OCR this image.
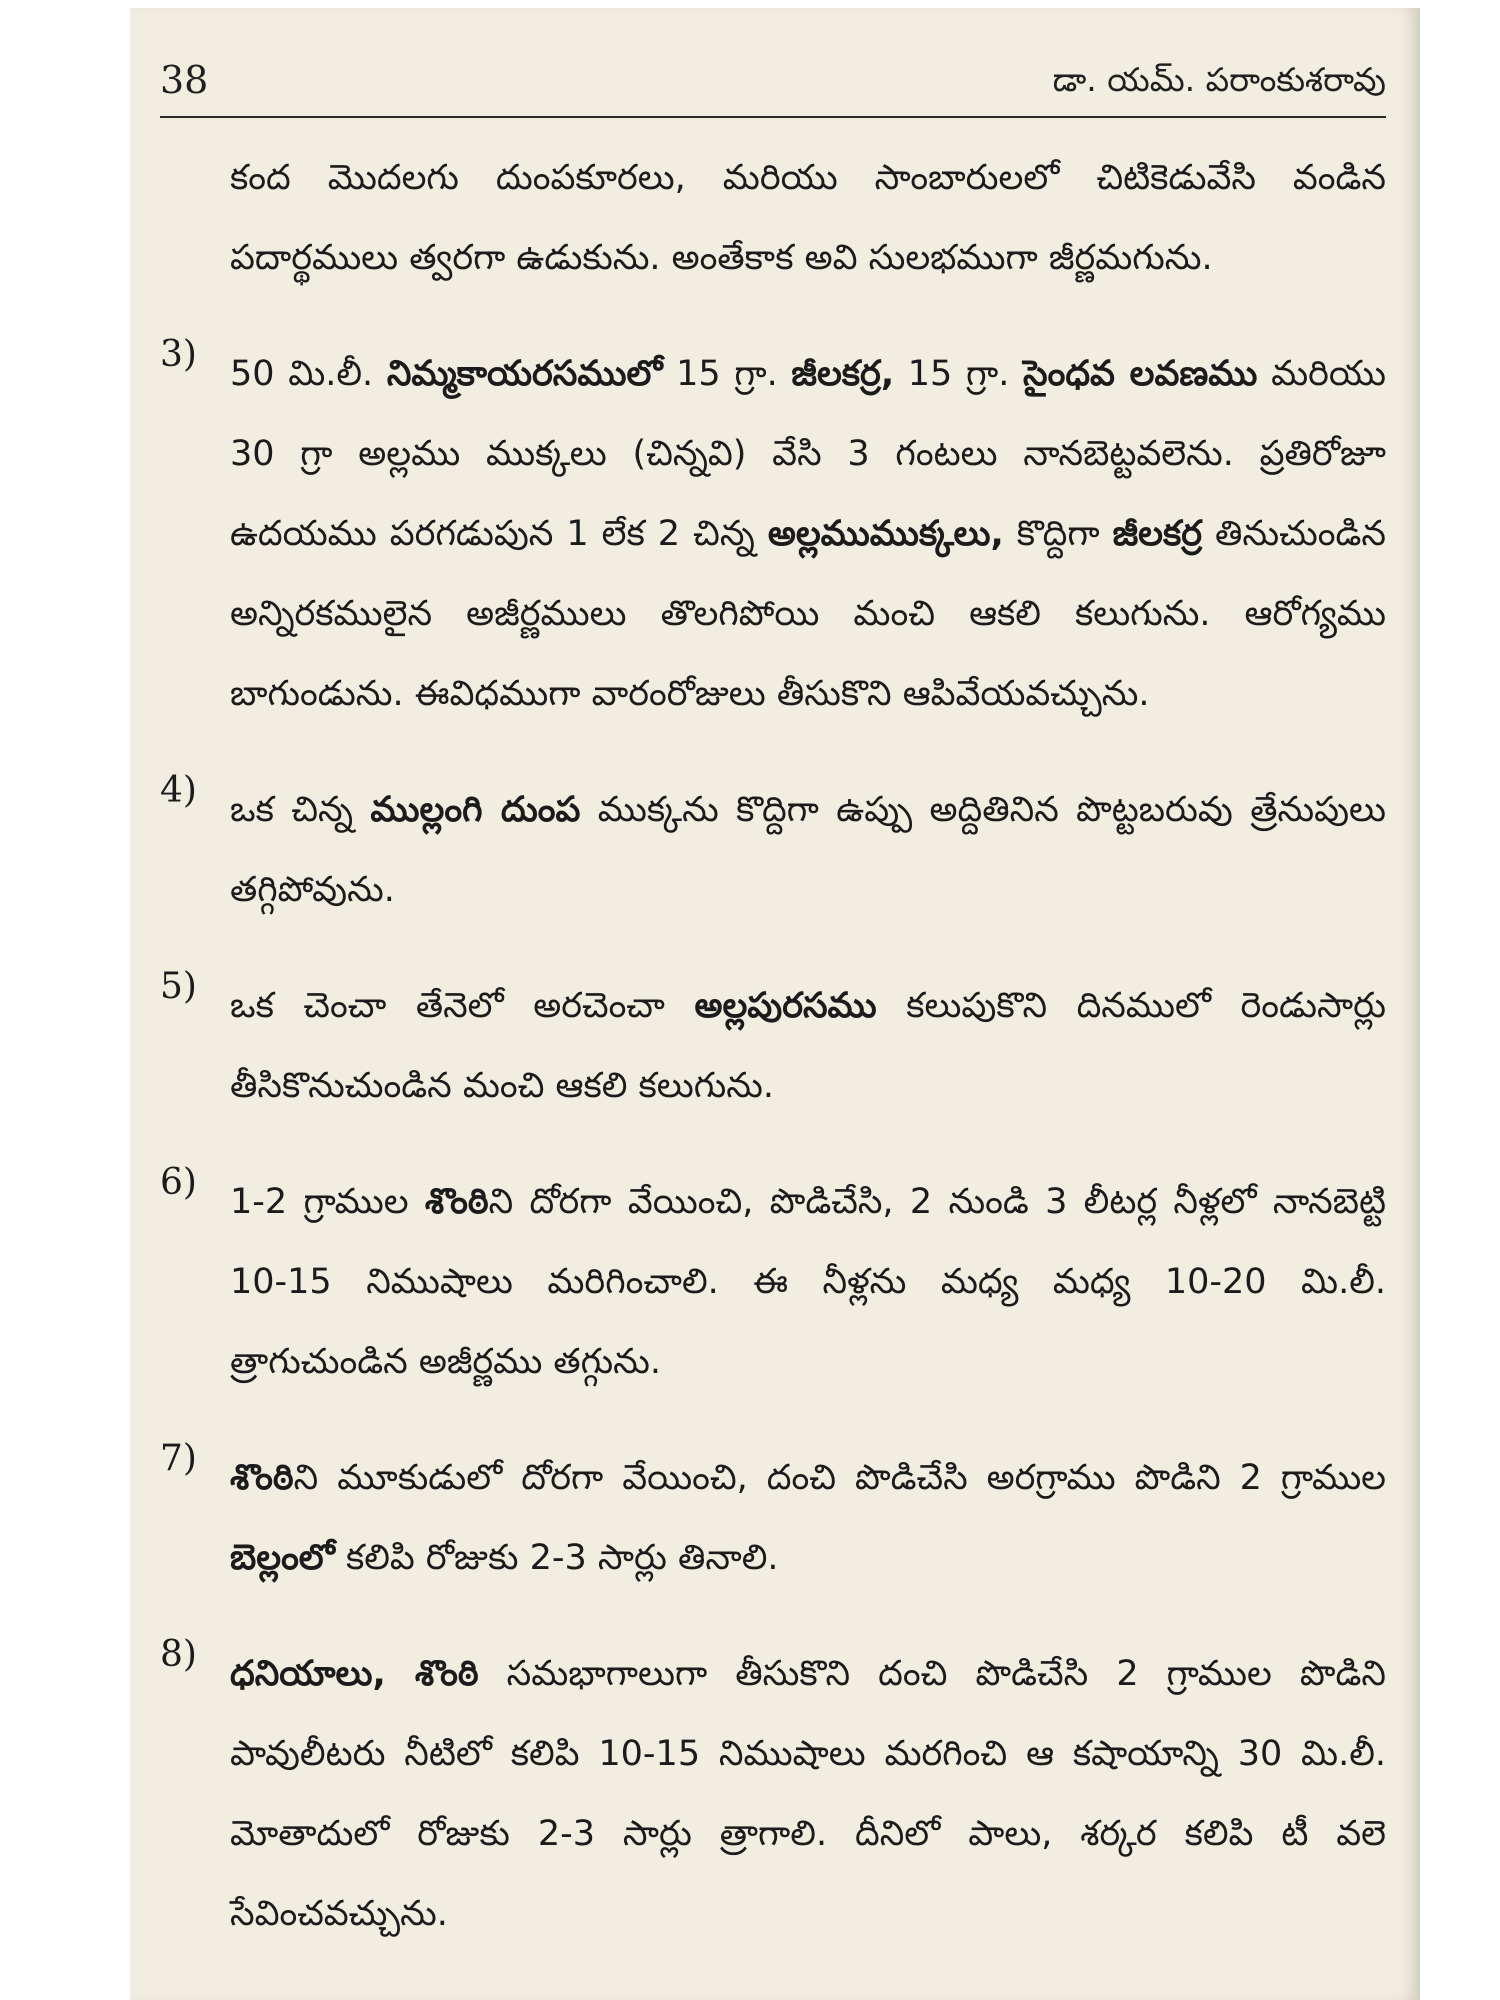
38	డా. యమ్. పరాంకుశరావు
కంద మొదలగు దుంపకూరలు, మరియు సాంబారులలో చిటికెడువేసి వండిన పదార్థములు త్వరగా ఉడుకును. అంతేకాక అవి సులభముగా జీర్ణమగును.
3) 50 మి.లీ. నిమ్మకాయరసములో 15 గ్రా. జీలకర్ర, 15 గ్రా. సైంధవ లవణము మరియు 30 గ్రా అల్లము ముక్కలు (చిన్నవి) వేసి 3 గంటలు నానబెట్టవలెను. ప్రతిరోజూ ఉదయము పరగడుపున 1 లేక 2 చిన్న అల్లముముక్కలు, కొద్దిగా జీలకర్ర తినుచుండిన అన్నిరకములైన అజీర్ణములు తొలగిపోయి మంచి ఆకలి కలుగును. ఆరోగ్యము బాగుండును. ఈవిధముగా వారంరోజులు తీసుకొని ఆపివేయవచ్చును.
4) ఒక చిన్న ముల్లంగి దుంప ముక్కను కొద్దిగా ఉప్పు అద్దితినిన పొట్టబరువు త్రేనుపులు తగ్గిపోవును.
5) ఒక చెంచా తేనెలో అరచెంచా అల్లపురసము కలుపుకొని దినములో రెండుసార్లు తీసికొనుచుండిన మంచి ఆకలి కలుగును.
6) 1-2 గ్రాముల శొంఠిని దోరగా వేయించి, పొడిచేసి, 2 నుండి 3 లీటర్ల నీళ్లలో నానబెట్టి 10-15 నిముషాలు మరిగించాలి. ఈ నీళ్లను మధ్య మధ్య 10-20 మి.లీ. త్రాగుచుండిన అజీర్ణము తగ్గును.
7) శొంఠిని మూకుడులో దోరగా వేయించి, దంచి పొడిచేసి అరగ్రాము పొడిని 2 గ్రాముల బెల్లంలో కలిపి రోజుకు 2-3 సార్లు తినాలి.
8) ధనియాలు, శొంఠి సమభాగాలుగా తీసుకొని దంచి పొడిచేసి 2 గ్రాముల పొడిని పావులీటరు నీటిలో కలిపి 10-15 నిముషాలు మరగించి ఆ కషాయాన్ని 30 మి.లీ. మోతాదులో రోజుకు 2-3 సార్లు త్రాగాలి. దీనిలో పాలు, శర్కర కలిపి టీ వలె సేవించవచ్చును.
